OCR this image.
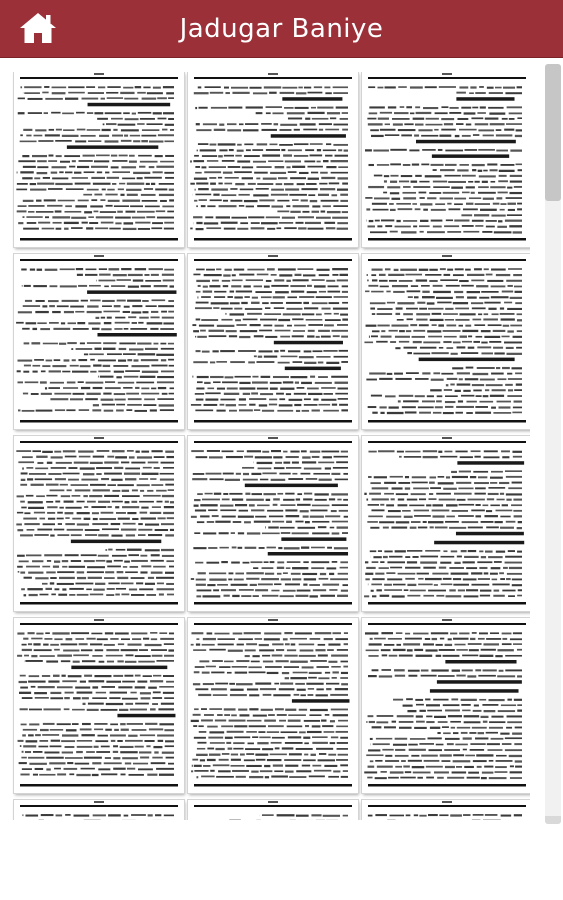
Jadugar Baniye
